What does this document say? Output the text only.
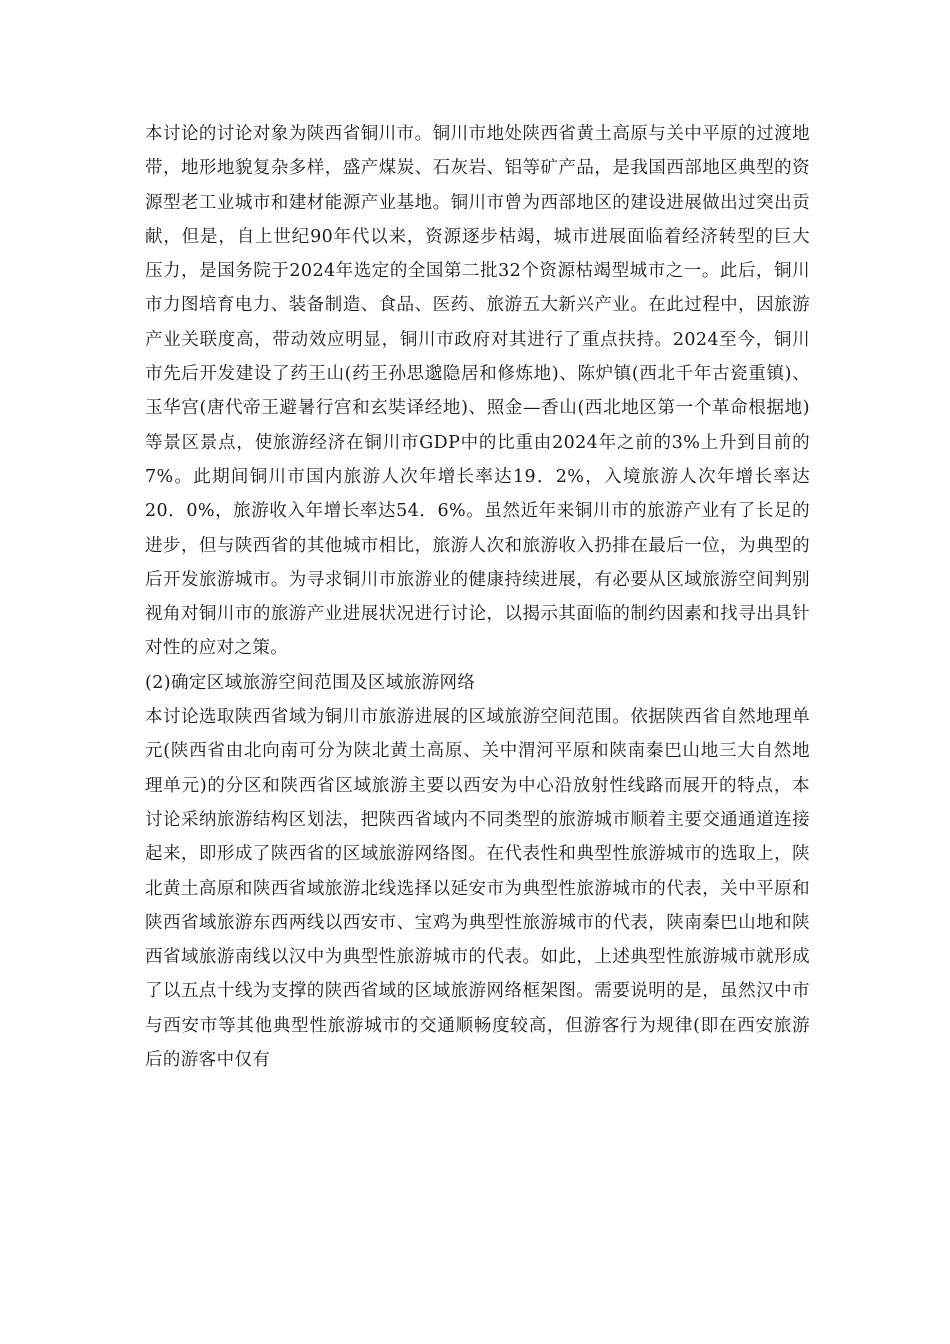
本讨论的讨论对象为陕西省铜川市。铜川市地处陕西省黄土高原与关中平原的过渡地带，地形地貌复杂多样，盛产煤炭、石灰岩、铝等矿产品，是我国西部地区典型的资源型老工业城市和建材能源产业基地。铜川市曾为西部地区的建设进展做出过突出贡献，但是，自上世纪90年代以来，资源逐步枯竭，城市进展面临着经济转型的巨大压力，是国务院于2024年选定的全国第二批32个资源枯竭型城市之一。此后，铜川市力图培育电力、装备制造、食品、医药、旅游五大新兴产业。在此过程中，因旅游产业关联度高，带动效应明显，铜川市政府对其进行了重点扶持。2024至今，铜川市先后开发建设了药王山(药王孙思邈隐居和修炼地)、陈炉镇(西北千年古瓷重镇)、玉华宫(唐代帝王避暑行宫和玄奘译经地)、照金—香山(西北地区第一个革命根据地)等景区景点，使旅游经济在铜川市GDP中的比重由2024年之前的3%上升到目前的7%。此期间铜川市国内旅游人次年增长率达19．2%，入境旅游人次年增长率达20．0%，旅游收入年增长率达54．6%。虽然近年来铜川市的旅游产业有了长足的进步，但与陕西省的其他城市相比，旅游人次和旅游收入扔排在最后一位，为典型的后开发旅游城市。为寻求铜川市旅游业的健康持续进展，有必要从区域旅游空间判别视角对铜川市的旅游产业进展状况进行讨论，以揭示其面临的制约因素和找寻出具针对性的应对之策。

(2)确定区域旅游空间范围及区域旅游网络

本讨论选取陕西省域为铜川市旅游进展的区域旅游空间范围。依据陕西省自然地理单元(陕西省由北向南可分为陕北黄土高原、关中渭河平原和陕南秦巴山地三大自然地理单元)的分区和陕西省区域旅游主要以西安为中心沿放射性线路而展开的特点，本讨论采纳旅游结构区划法，把陕西省域内不同类型的旅游城市顺着主要交通通道连接起来，即形成了陕西省的区域旅游网络图。在代表性和典型性旅游城市的选取上，陕北黄土高原和陕西省域旅游北线选择以延安市为典型性旅游城市的代表，关中平原和陕西省域旅游东西两线以西安市、宝鸡为典型性旅游城市的代表，陕南秦巴山地和陕西省域旅游南线以汉中为典型性旅游城市的代表。如此，上述典型性旅游城市就形成了以五点十线为支撑的陕西省域的区域旅游网络框架图。需要说明的是，虽然汉中市与西安市等其他典型性旅游城市的交通顺畅度较高，但游客行为规律(即在西安旅游后的游客中仅有
